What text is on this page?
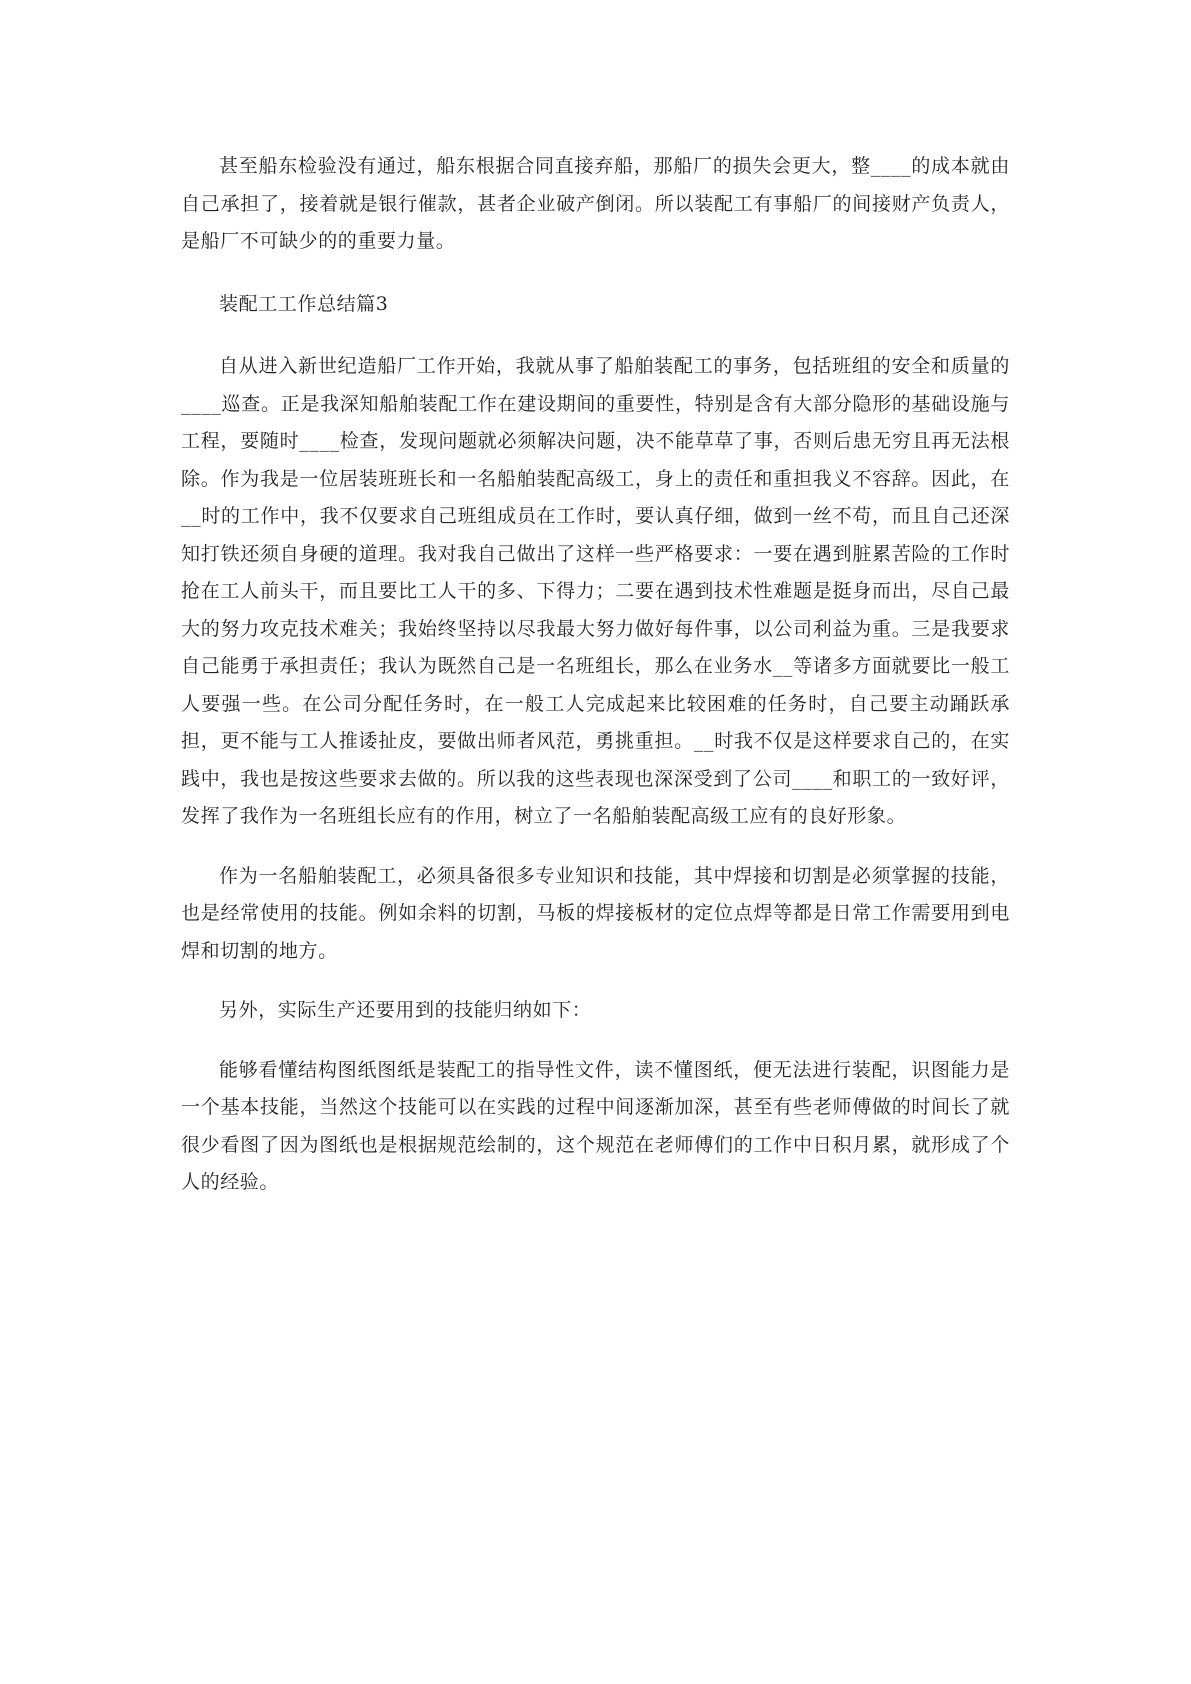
甚至船东检验没有通过，船东根据合同直接弃船，那船厂的损失会更大，整____的成本就由自己承担了，接着就是银行催款，甚者企业破产倒闭。所以装配工有事船厂的间接财产负责人，是船厂不可缺少的的重要力量。

装配工工作总结篇3

自从进入新世纪造船厂工作开始，我就从事了船舶装配工的事务，包括班组的安全和质量的____巡查。正是我深知船舶装配工作在建设期间的重要性，特别是含有大部分隐形的基础设施与工程，要随时____检查，发现问题就必须解决问题，决不能草草了事，否则后患无穷且再无法根除。作为我是一位居装班班长和一名船舶装配高级工，身上的责任和重担我义不容辞。因此，在__时的工作中，我不仅要求自己班组成员在工作时，要认真仔细，做到一丝不苟，而且自己还深知打铁还须自身硬的道理。我对我自己做出了这样一些严格要求：一要在遇到脏累苦险的工作时抢在工人前头干，而且要比工人干的多、下得力；二要在遇到技术性难题是挺身而出，尽自己最大的努力攻克技术难关；我始终坚持以尽我最大努力做好每件事，以公司利益为重。三是我要求自己能勇于承担责任；我认为既然自己是一名班组长，那么在业务水__等诸多方面就要比一般工人要强一些。在公司分配任务时，在一般工人完成起来比较困难的任务时，自己要主动踊跃承担，更不能与工人推诿扯皮，要做出师者风范，勇挑重担。__时我不仅是这样要求自己的，在实践中，我也是按这些要求去做的。所以我的这些表现也深深受到了公司____和职工的一致好评，发挥了我作为一名班组长应有的作用，树立了一名船舶装配高级工应有的良好形象。

作为一名船舶装配工，必须具备很多专业知识和技能，其中焊接和切割是必须掌握的技能，也是经常使用的技能。例如余料的切割，马板的焊接板材的定位点焊等都是日常工作需要用到电焊和切割的地方。

另外，实际生产还要用到的技能归纳如下：

能够看懂结构图纸图纸是装配工的指导性文件，读不懂图纸，便无法进行装配，识图能力是一个基本技能，当然这个技能可以在实践的过程中间逐渐加深，甚至有些老师傅做的时间长了就很少看图了因为图纸也是根据规范绘制的，这个规范在老师傅们的工作中日积月累，就形成了个人的经验。
